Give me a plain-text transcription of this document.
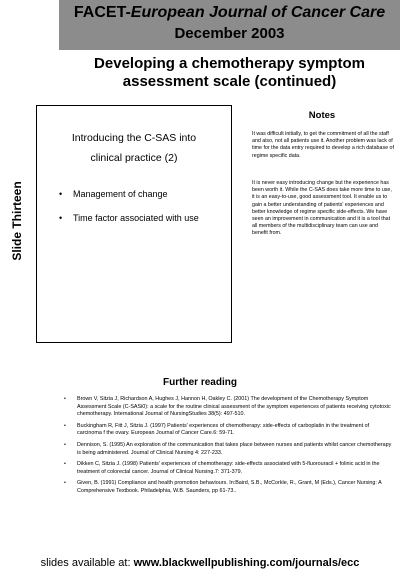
FACET-European Journal of Cancer Care
December 2003
Developing a chemotherapy symptom assessment scale (continued)
Slide Thirteen
Introducing the C-SAS into
clinical practice (2)
• Management of change
• Time factor associated with use
Notes

It was difficult initially, to get the commitment of all the staff and also, not all patients use it. Another problem was lack of time for the data entry required to develop a rich database of regime specific data.

It is never easy introducing change but the experience has been worth it. While the C-SAS does take more time to use, it is an easy-to-use, good assessment tool. It enable us to gain a better understanding of patients' experiences and better knowledge of regime specific side-effects. We have seen an improvement in communication and it is a tool that all members of the multidisciplinary team can use and benefit from.

Further reading
• Brown V, Sitzia J, Richardson A, Hughes J, Hannon H, Oakley C. (2001) The development of the Chemotherapy Symptom Assessment Scale (C-SASi0): a scale for the routine clinical assessment of the symptom experiences of patients receiving cytotoxic chemotherapy. International Journal of NursingStudies 38(5): 497-510.
• Buckingham R, Fitt J, Sitzia J. (1997) Patients' experiences of chemotherapy: side-effects of carboplatin in the treatment of carcinoma f the ovary. European Journal of Cancer Care.6: 59-71.
• Dennison, S. (1995) An exploration of the communication that takes place between nurses and patients whilst cancer chemotherapy is being administered. Journal of Clinical Nursing 4: 227-233.
• Dikken C, Sitzia J. (1998) Patients' experiences of chemotherapy: side-effects associated with 5-fluorouracil + folinic acid in the treatment of colorectal cancer. Journal of Clinical Nursing.7: 371-379.
• Given, B. (1991) Compliance and health promotion behaviours. In:Baird, S.B., McCorkle, R., Grant, M (Eds.), Cancer Nursing: A Comprehensive Textbook. Philadelphia, W.B. Saunders, pp 61-73..
slides available at: www.blackwellpublishing.com/journals/ecc
